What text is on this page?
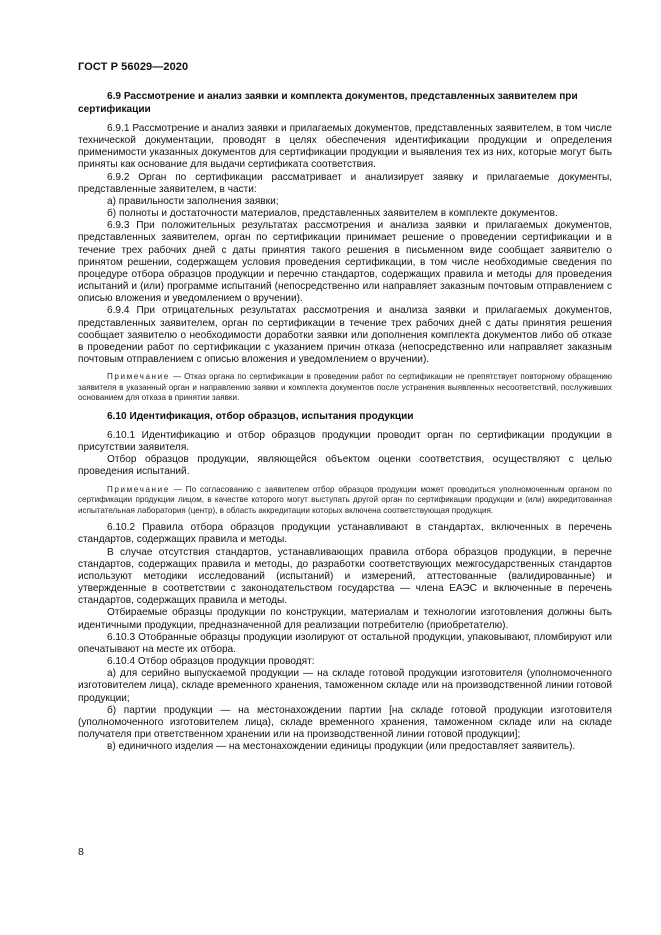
ГОСТ Р 56029—2020
6.9 Рассмотрение и анализ заявки и комплекта документов, представленных заявителем при сертификации

6.9.1 Рассмотрение и анализ заявки и прилагаемых документов, представленных заявителем, в том числе технической документации, проводят в целях обеспечения идентификации продукции и определения применимости указанных документов для сертификации продукции и выявления тех из них, которые могут быть приняты как основание для выдачи сертификата соответствия.

6.9.2 Орган по сертификации рассматривает и анализирует заявку и прилагаемые документы, представленные заявителем, в части:

а) правильности заполнения заявки;

б) полноты и достаточности материалов, представленных заявителем в комплекте документов.

6.9.3 При положительных результатах рассмотрения и анализа заявки и прилагаемых документов, представленных заявителем, орган по сертификации принимает решение о проведении сертификации и в течение трех рабочих дней с даты принятия такого решения в письменном виде сообщает заявителю о принятом решении, содержащем условия проведения сертификации, в том числе необходимые сведения по процедуре отбора образцов продукции и перечню стандартов, содержащих правила и методы для проведения испытаний и (или) программе испытаний (непосредственно или направляет заказным почтовым отправлением с описью вложения и уведомлением о вручении).

6.9.4 При отрицательных результатах рассмотрения и анализа заявки и прилагаемых документов, представленных заявителем, орган по сертификации в течение трех рабочих дней с даты принятия решения сообщает заявителю о необходимости доработки заявки или дополнения комплекта документов либо об отказе в проведении работ по сертификации с указанием причин отказа (непосредственно или направляет заказным почтовым отправлением с описью вложения и уведомлением о вручении).

Примечание — Отказ органа по сертификации в проведении работ по сертификации не препятствует повторному обращению заявителя в указанный орган и направлению заявки и комплекта документов после устранения выявленных несоответствий, послуживших основанием для отказа в принятии заявки.

6.10 Идентификация, отбор образцов, испытания продукции

6.10.1 Идентификацию и отбор образцов продукции проводит орган по сертификации продукции в присутствии заявителя.

Отбор образцов продукции, являющейся объектом оценки соответствия, осуществляют с целью проведения испытаний.

Примечание — По согласованию с заявителем отбор образцов продукции может проводиться уполномоченным органом по сертификации продукции лицом, в качестве которого могут выступать другой орган по сертификации продукции и (или) аккредитованная испытательная лаборатория (центр), в область аккредитации которых включена соответствующая продукция.

6.10.2 Правила отбора образцов продукции устанавливают в стандартах, включенных в перечень стандартов, содержащих правила и методы.

В случае отсутствия стандартов, устанавливающих правила отбора образцов продукции, в перечне стандартов, содержащих правила и методы, до разработки соответствующих межгосударственных стандартов используют методики исследований (испытаний) и измерений, аттестованные (валидированные) и утвержденные в соответствии с законодательством государства — члена ЕАЭС и включенные в перечень стандартов, содержащих правила и методы.

Отбираемые образцы продукции по конструкции, материалам и технологии изготовления должны быть идентичными продукции, предназначенной для реализации потребителю (приобретателю).

6.10.3 Отобранные образцы продукции изолируют от остальной продукции, упаковывают, пломбируют или опечатывают на месте их отбора.

6.10.4 Отбор образцов продукции проводят:

а) для серийно выпускаемой продукции — на складе готовой продукции изготовителя (уполномоченного изготовителем лица), складе временного хранения, таможенном складе или на производственной линии готовой продукции;

б) партии продукции — на местонахождении партии [на складе готовой продукции изготовителя (уполномоченного изготовителем лица), складе временного хранения, таможенном складе или на складе получателя при ответственном хранении или на производственной линии готовой продукции];

в) единичного изделия — на местонахождении единицы продукции (или предоставляет заявитель).

8
